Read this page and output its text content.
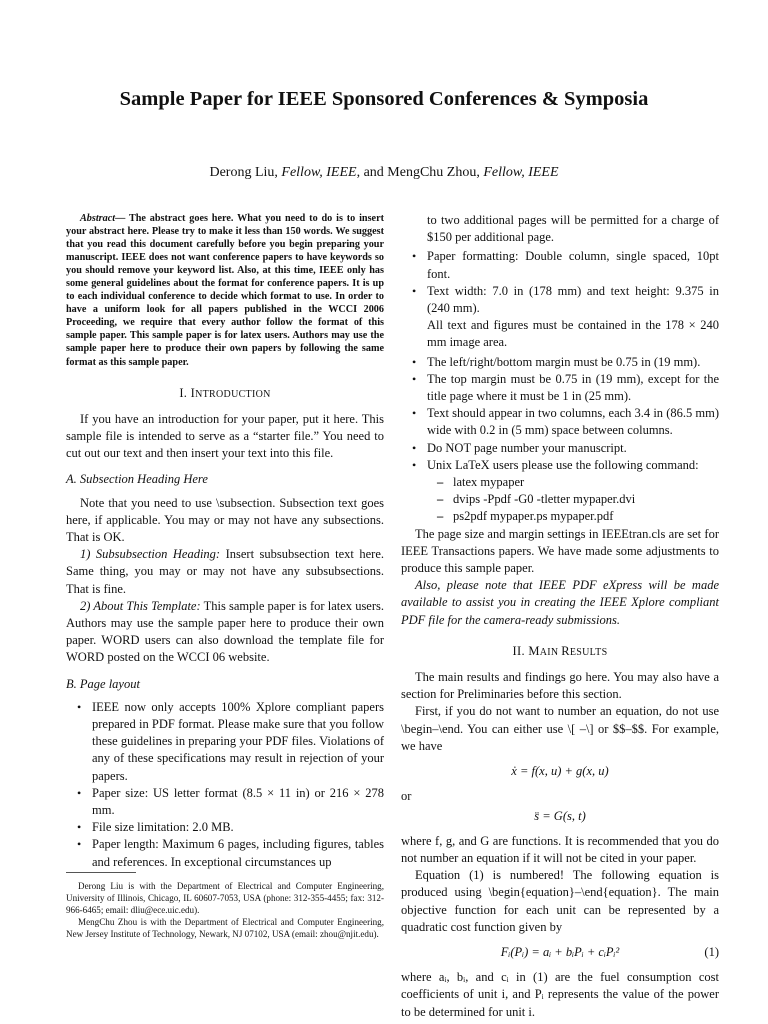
Sample Paper for IEEE Sponsored Conferences & Symposia
Derong Liu, Fellow, IEEE, and MengChu Zhou, Fellow, IEEE

Abstract— The abstract goes here. What you need to do is to insert your abstract here. Please try to make it less than 150 words. We suggest that you read this document carefully before you begin preparing your manuscript. IEEE does not want conference papers to have keywords so you should remove your keyword list. Also, at this time, IEEE only has some general guidelines about the format for conference papers. It is up to each individual conference to decide which format to use. In order to have a uniform look for all papers published in the WCCI 2006 Proceeding, we require that every author follow the format of this sample paper. This sample paper is for latex users. Authors may use the sample paper here to produce their own papers by following the same format as this sample paper.

I. INTRODUCTION

If you have an introduction for your paper, put it here. This sample file is intended to serve as a “starter file.” You need to cut out our text and then insert your text into this file.

A. Subsection Heading Here

Note that you need to use \subsection. Subsection text goes here, if applicable. You may or may not have any subsections. That is OK.

1) Subsubsection Heading: Insert subsubsection text here. Same thing, you may or may not have any subsubsections. That is fine.

2) About This Template: This sample paper is for latex users. Authors may use the sample paper here to produce their own paper. WORD users can also download the template file for WORD posted on the WCCI 06 website.

B. Page layout
• IEEE now only accepts 100% Xplore compliant papers prepared in PDF format. Please make sure that you follow these guidelines in preparing your PDF files. Violations of any of these specifications may result in rejection of your papers.
• Paper size: US letter format (8.5 × 11 in) or 216 × 278 mm.
• File size limitation: 2.0 MB.
• Paper length: Maximum 6 pages, including figures, tables and references. In exceptional circumstances up

Derong Liu is with the Department of Electrical and Computer Engineering, University of Illinois, Chicago, IL 60607-7053, USA (phone: 312-355-4455; fax: 312-966-6465; email: dliu@ece.uic.edu).

MengChu Zhou is with the Department of Electrical and Computer Engineering, New Jersey Institute of Technology, Newark, NJ 07102, USA (email: zhou@njit.edu).

to two additional pages will be permitted for a charge of $150 per additional page.
• Paper formatting: Double column, single spaced, 10pt font.
• Text width: 7.0 in (178 mm) and text height: 9.375 in (240 mm).
All text and figures must be contained in the 178 × 240 mm image area.
• The left/right/bottom margin must be 0.75 in (19 mm).
• The top margin must be 0.75 in (19 mm), except for the title page where it must be 1 in (25 mm).
• Text should appear in two columns, each 3.4 in (86.5 mm) wide with 0.2 in (5 mm) space between columns.
• Do NOT page number your manuscript.
• Unix LaTeX users please use the following command:
– latex mypaper
– dvips -Ppdf -G0 -tletter mypaper.dvi
– ps2pdf mypaper.ps mypaper.pdf

The page size and margin settings in IEEEtran.cls are set for IEEE Transactions papers. We have made some adjustments to produce this sample paper.

Also, please note that IEEE PDF eXpress will be made available to assist you in creating the IEEE Xplore compliant PDF file for the camera-ready submissions.

II. MAIN RESULTS

The main results and findings go here. You may also have a section for Preliminaries before this section.

First, if you do not want to number an equation, do not use \begin–\end. You can either use \[ –\] or $$–$$. For example, we have

ẋ = f(x, u) + g(x, u)

or

s̈ = G(s, t)

where f, g, and G are functions. It is recommended that you do not number an equation if it will not be cited in your paper.

Equation (1) is numbered! The following equation is produced using \begin{equation}–\end{equation}. The main objective function for each unit can be represented by a quadratic cost function given by

Fᵢ(Pᵢ) = aᵢ + bᵢPᵢ + cᵢPᵢ²	(1)

where aᵢ, bᵢ, and cᵢ in (1) are the fuel consumption cost coefficients of unit i, and Pᵢ represents the value of the power to be determined for unit i.
